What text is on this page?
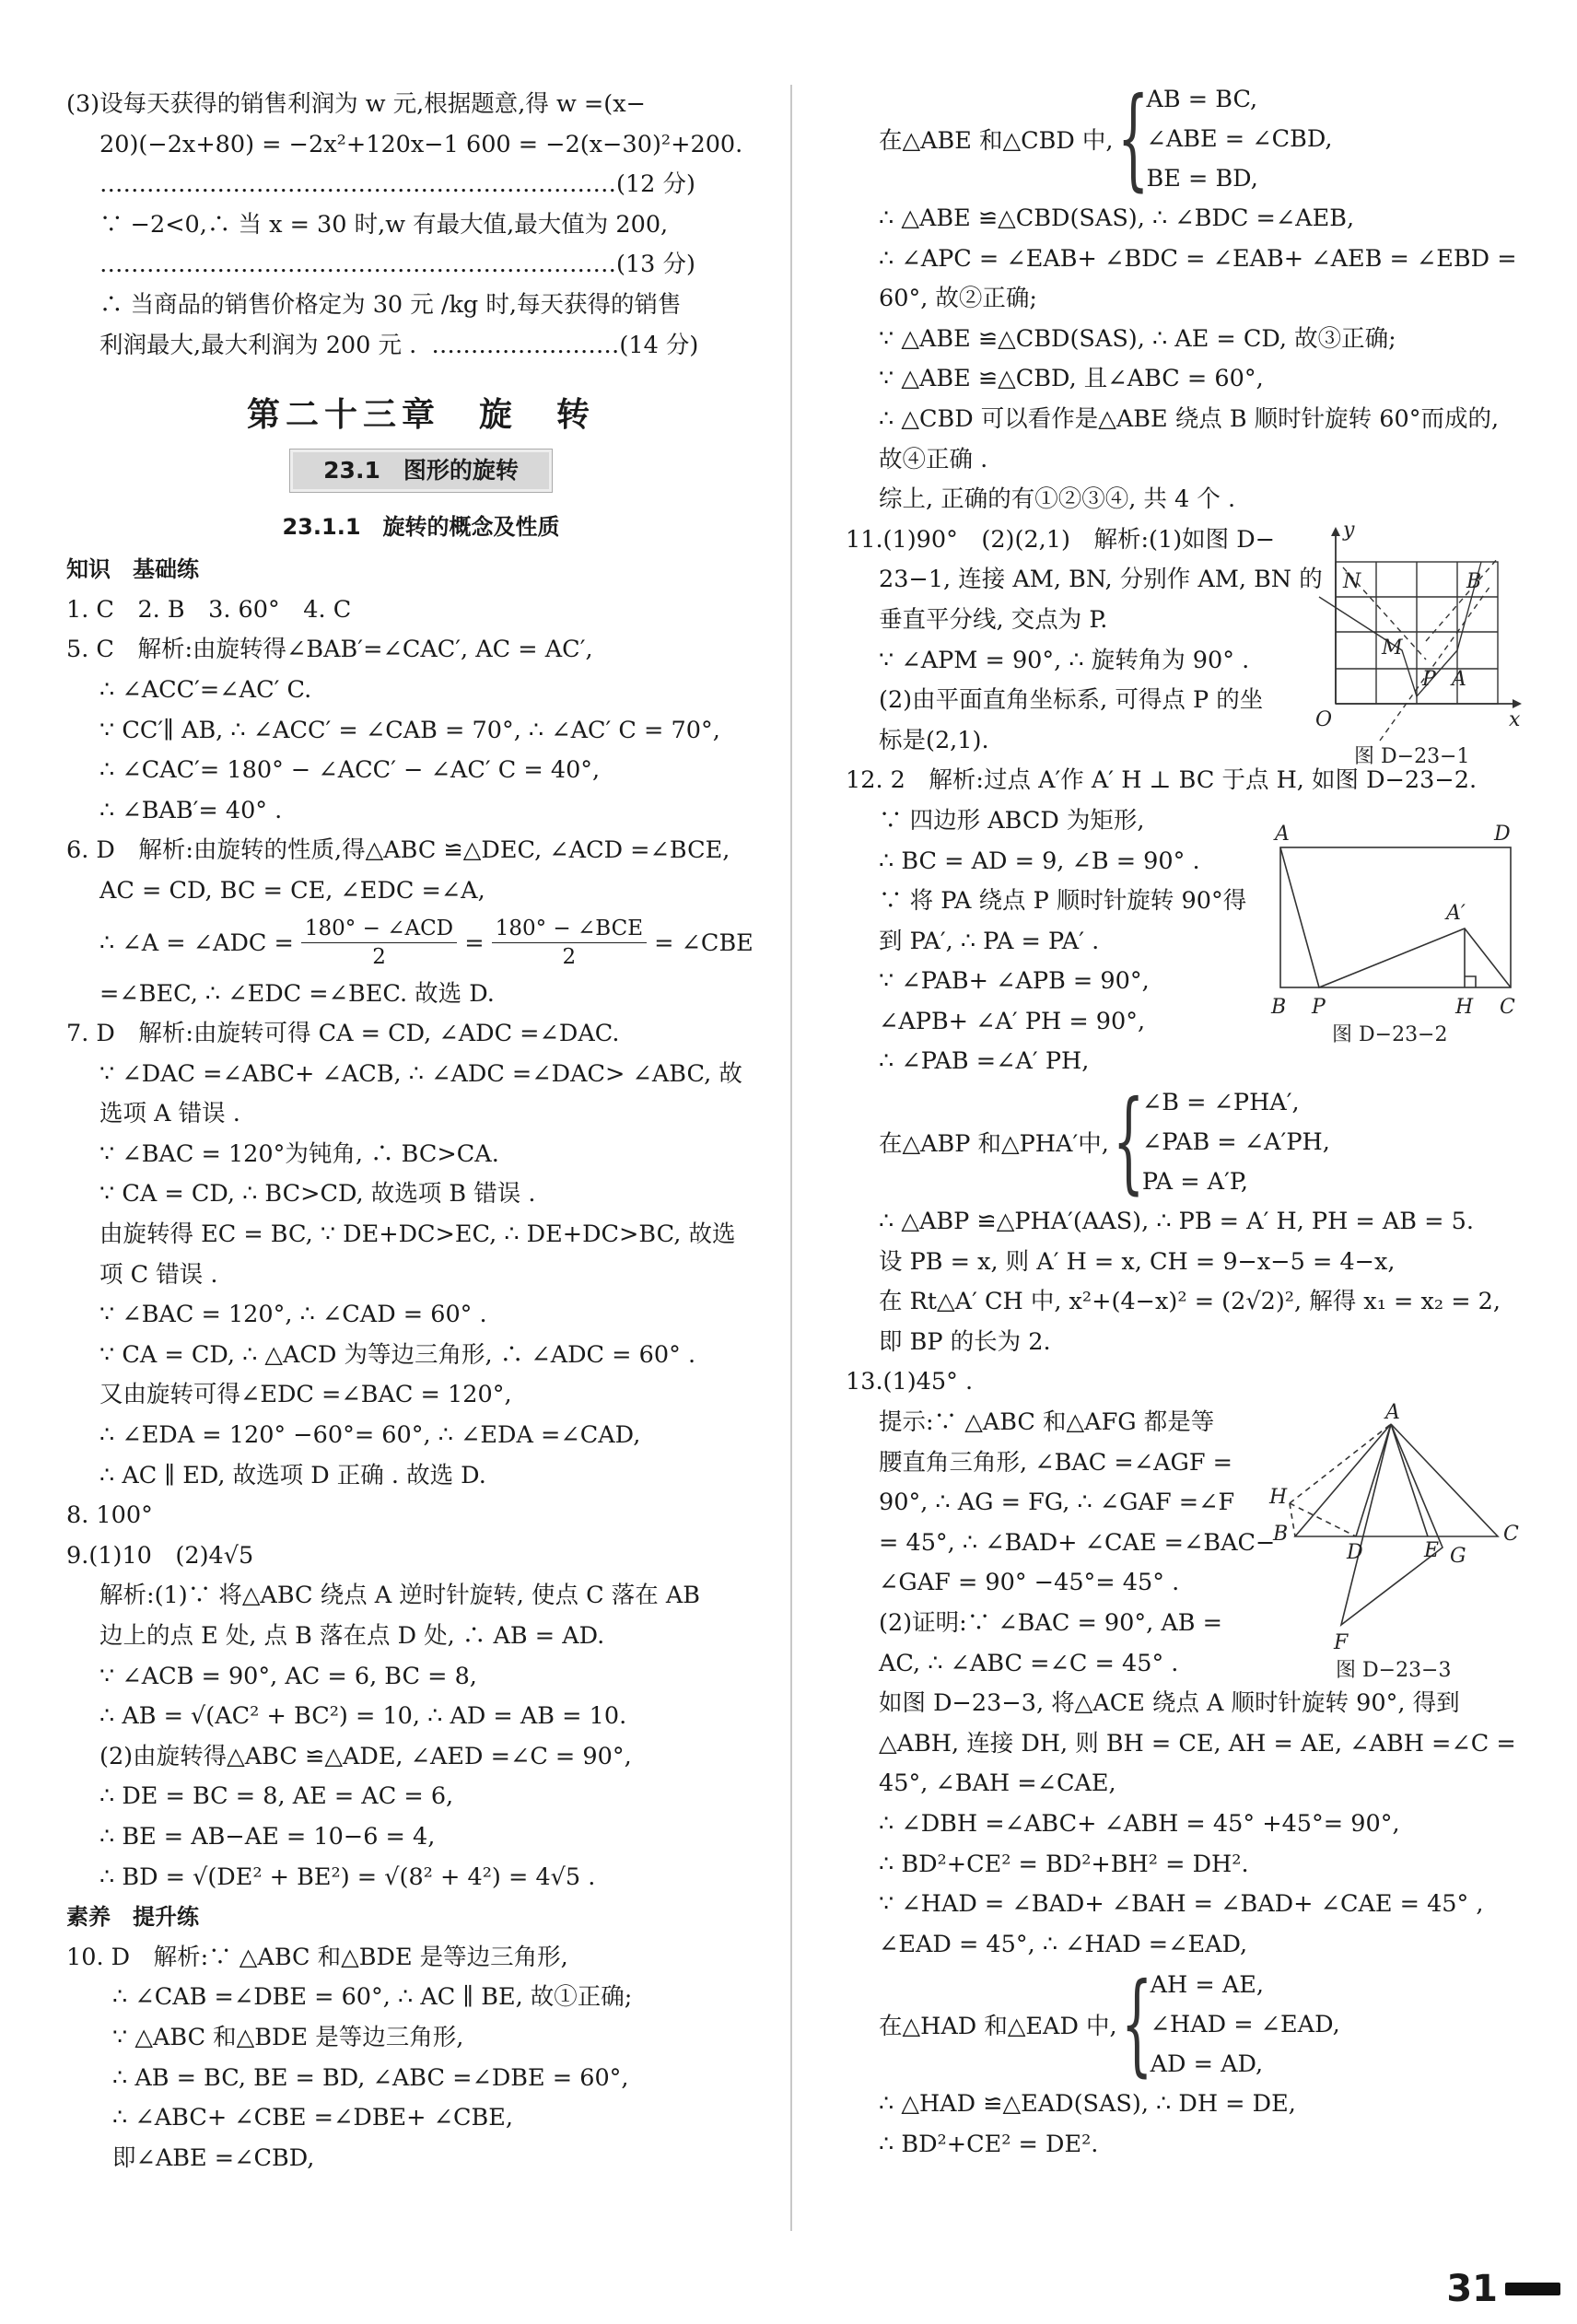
(3)设每天获得的销售利润为 w 元,根据题意,得 w =(x−
20)(−2x+80) = −2x²+120x−1 600 = −2(x−30)²+200.
…………………………………………………………(12 分)
∵ −2<0,∴ 当 x = 30 时,w 有最大值,最大值为 200,
…………………………………………………………(13 分)
∴ 当商品的销售价格定为 30 元 /kg 时,每天获得的销售
利润最大,最大利润为 200 元 .  ……………………(14 分)
第二十三章　旋　转
23.1　图形的旋转
23.1.1　旋转的概念及性质
知识　基础练
1. C　2. B　3. 60°　4. C
5. C　解析:由旋转得∠BAB′=∠CAC′, AC = AC′,
∴ ∠ACC′=∠AC′ C.
∵ CC′∥ AB, ∴ ∠ACC′ = ∠CAB = 70°, ∴ ∠AC′ C = 70°,
∴ ∠CAC′= 180° − ∠ACC′ − ∠AC′ C = 40°,
∴ ∠BAB′= 40° .
6. D　解析:由旋转的性质,得△ABC ≌△DEC, ∠ACD =∠BCE,
AC = CD, BC = CE, ∠EDC =∠A,
∴ ∠A = ∠ADC = $\frac{\text{180° − ∠ACD}}{2} = \frac{\text{180° − ∠BCE}}{2}$ = ∠CBE
=∠BEC, ∴ ∠EDC =∠BEC. 故选 D.
7. D　解析:由旋转可得 CA = CD, ∠ADC =∠DAC.
∵ ∠DAC =∠ABC+ ∠ACB, ∴ ∠ADC =∠DAC> ∠ABC, 故
选项 A 错误 .
∵ ∠BAC = 120°为钝角, ∴ BC>CA.
∵ CA = CD, ∴ BC>CD, 故选项 B 错误 .
由旋转得 EC = BC, ∵ DE+DC>EC, ∴ DE+DC>BC, 故选
项 C 错误 .
∵ ∠BAC = 120°, ∴ ∠CAD = 60° .
∵ CA = CD, ∴ △ACD 为等边三角形, ∴ ∠ADC = 60° .
又由旋转可得∠EDC =∠BAC = 120°,
∴ ∠EDA = 120° −60°= 60°, ∴ ∠EDA =∠CAD,
∴ AC ∥ ED, 故选项 D 正确 . 故选 D.
8. 100°
9.(1)10　(2)4√5
解析:(1)∵ 将△ABC 绕点 A 逆时针旋转, 使点 C 落在 AB
边上的点 E 处, 点 B 落在点 D 处, ∴ AB = AD.
∵ ∠ACB = 90°, AC = 6, BC = 8,
∴ AB = √(AC² + BC²) = 10, ∴ AD = AB = 10.
(2)由旋转得△ABC ≌△ADE, ∠AED =∠C = 90°,
∴ DE = BC = 8, AE = AC = 6,
∴ BE = AB−AE = 10−6 = 4,
∴ BD = √(DE² + BE²) = √(8² + 4²) = 4√5 .
素养　提升练
10. D　解析:∵ △ABC 和△BDE 是等边三角形,
∴ ∠CAB =∠DBE = 60°, ∴ AC ∥ BE, 故①正确;
∵ △ABC 和△BDE 是等边三角形,
∴ AB = BC, BE = BD, ∠ABC =∠DBE = 60°,
∴ ∠ABC+ ∠CBE =∠DBE+ ∠CBE,
即∠ABE =∠CBD,
在△ABE 和△CBD 中, {
AB = BC,
∠ABE = ∠CBD,
BE = BD,
∴ △ABE ≌△CBD(SAS), ∴ ∠BDC =∠AEB,
∴ ∠APC = ∠EAB+ ∠BDC = ∠EAB+ ∠AEB = ∠EBD =
60°, 故②正确;
∵ △ABE ≌△CBD(SAS), ∴ AE = CD, 故③正确;
∵ △ABE ≌△CBD, 且∠ABC = 60°,
∴ △CBD 可以看作是△ABE 绕点 B 顺时针旋转 60°而成的,
故④正确 .
综上, 正确的有①②③④, 共 4 个 .
11.(1)90°　(2)(2,1)　解析:(1)如图 D−
23−1, 连接 AM, BN, 分别作 AM, BN 的
垂直平分线, 交点为 P.
∵ ∠APM = 90°, ∴ 旋转角为 90° .
(2)由平面直角坐标系, 可得点 P 的坐
标是(2,1).
12. 2　解析:过点 A′作 A′ H ⊥ BC 于点 H, 如图 D−23−2.
∵ 四边形 ABCD 为矩形,
∴ BC = AD = 9, ∠B = 90° .
∵ 将 PA 绕点 P 顺时针旋转 90°得
到 PA′, ∴ PA = PA′ .
∵ ∠PAB+ ∠APB = 90°,
∠APB+ ∠A′ PH = 90°,
∴ ∠PAB =∠A′ PH,
在△ABP 和△PHA′中, {
∠B = ∠PHA′,
∠PAB = ∠A′PH,
PA = A′P,
∴ △ABP ≌△PHA′(AAS), ∴ PB = A′ H, PH = AB = 5.
设 PB = x, 则 A′ H = x, CH = 9−x−5 = 4−x,
在 Rt△A′ CH 中, x²+(4−x)² = (2√2)², 解得 x₁ = x₂ = 2,
即 BP 的长为 2.
13.(1)45° .
提示:∵ △ABC 和△AFG 都是等
腰直角三角形, ∠BAC =∠AGF =
90°, ∴ AG = FG, ∴ ∠GAF =∠F
= 45°, ∴ ∠BAD+ ∠CAE =∠BAC−
∠GAF = 90° −45°= 45° .
(2)证明:∵ ∠BAC = 90°, AB =
AC, ∴ ∠ABC =∠C = 45° .
如图 D−23−3, 将△ACE 绕点 A 顺时针旋转 90°, 得到
△ABH, 连接 DH, 则 BH = CE, AH = AE, ∠ABH =∠C =
45°, ∠BAH =∠CAE,
∴ ∠DBH =∠ABC+ ∠ABH = 45° +45°= 90°,
∴ BD²+CE² = BD²+BH² = DH².
∵ ∠HAD = ∠BAD+ ∠BAH = ∠BAD+ ∠CAE = 45° ,
∠EAD = 45°, ∴ ∠HAD =∠EAD,
在△HAD 和△EAD 中, {
AH = AE,
∠HAD = ∠EAD,
AD = AD,
∴ △HAD ≌△EAD(SAS), ∴ DH = DE,
∴ BD²+CE² = DE².
y
x
O
N	B
M
P A
图 D−23−1
A	D
A′
B P	H C
图 D−23−2
A
H
B
D	E
C
G
F
图 D−23−3
31
